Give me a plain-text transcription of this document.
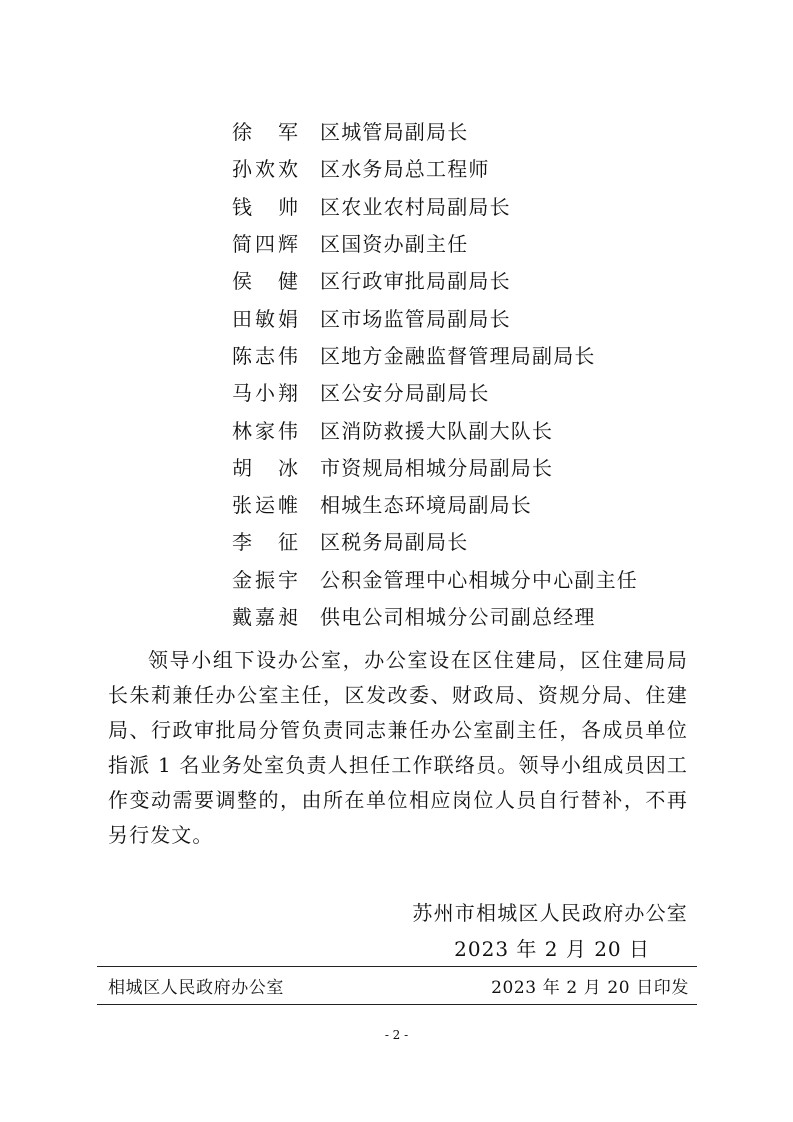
徐 军 区城管局副局长
孙 欢 欢 区水务局总工程师
钱 帅 区农业农村局副局长
简 四 辉 区国资办副主任
侯 健 区行政审批局副局长
田 敏 娟 区市场监管局副局长
陈 志 伟 区地方金融监督管理局副局长
马 小 翔 区公安分局副局长
林 家 伟 区消防救援大队副大队长
胡 冰 市资规局相城分局副局长
张 运 帷 相城生态环境局副局长
李 征 区税务局副局长
金 振 宇 公积金管理中心相城分中心副主任
戴 嘉 昶 供电公司相城分公司副总经理

领导小组下设办公室，办公室设在区住建局，区住建局局长朱莉兼任办公室主任，区发改委、财政局、资规分局、住建局、行政审批局分管负责同志兼任办公室副主任，各成员单位指派 1 名业务处室负责人担任工作联络员。领导小组成员因工作变动需要调整的，由所在单位相应岗位人员自行替补，不再另行发文。

苏州市相城区人民政府办公室
2023 年 2 月 20 日
相城区人民政府办公室	2023 年 2 月 20 日印发
- 2 -
